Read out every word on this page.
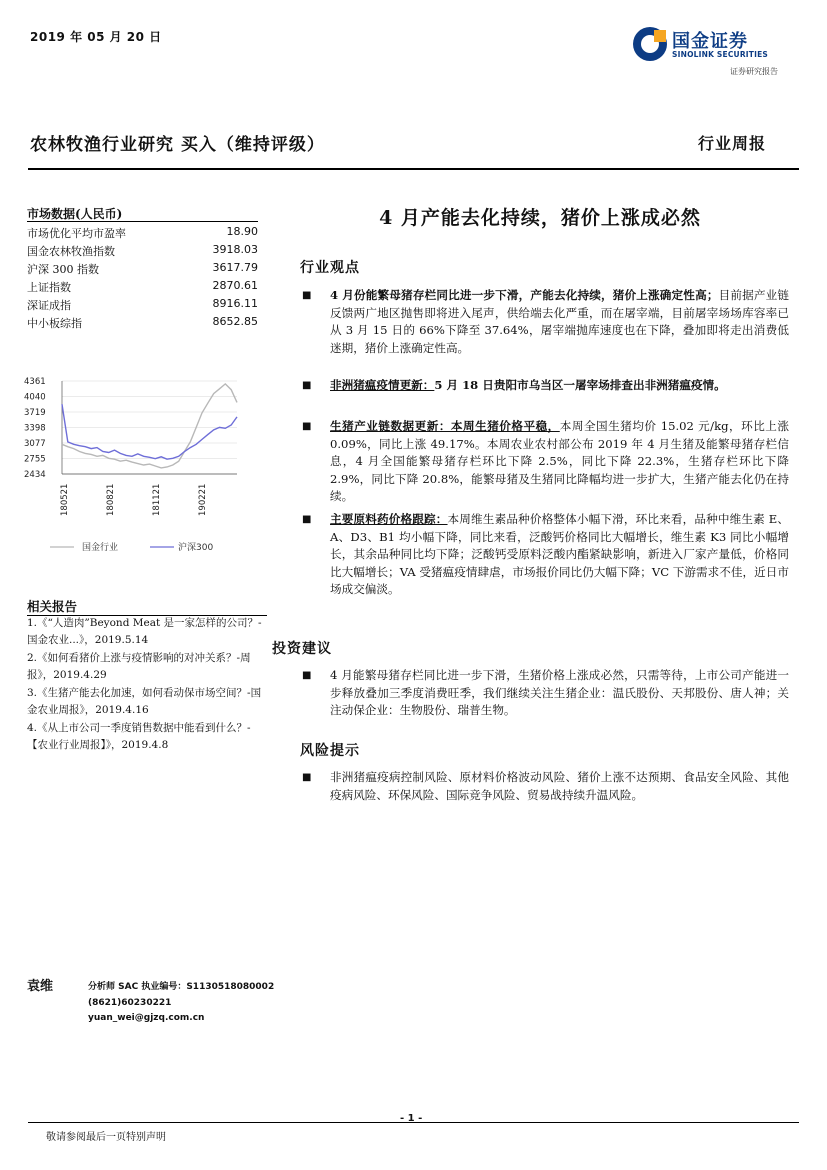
2019 年 05 月 20 日	国金证券
SINOLINK SECURITIES
证券研究报告
农林牧渔行业研究 买入（维持评级）	行业周报
4 月产能去化持续，猪价上涨成必然
市场数据(人民币)
市场优化平均市盈率	18.90
国金农林牧渔指数	3918.03
沪深 300 指数	3617.79
上证指数	2870.61
深证成指	8916.11
中小板综指	8652.85
4361
4040
3719
3398
3077
2755
2434
180521	180821	181121	190221
国金行业	沪深300
行业观点
■ 4 月份能繁母猪存栏同比进一步下滑，产能去化持续，猪价上涨确定性高；目前据产业链反馈两广地区抛售即将进入尾声，供给端去化严重，而在屠宰端，目前屠宰场场库容率已从 3 月 15 日的 66%下降至 37.64%，屠宰端抛库速度也在下降，叠加即将走出消费低迷期，猪价上涨确定性高。
■ 非洲猪瘟疫情更新：5 月 18 日贵阳市乌当区一屠宰场排查出非洲猪瘟疫情。
■ 生猪产业链数据更新：本周生猪价格平稳，本周全国生猪均价 15.02 元/kg，环比上涨 0.09%，同比上涨 49.17%。本周农业农村部公布 2019 年 4 月生猪及能繁母猪存栏信息，4 月全国能繁母猪存栏环比下降 2.5%，同比下降 22.3%，生猪存栏环比下降 2.9%，同比下降 20.8%，能繁母猪及生猪同比降幅均进一步扩大，生猪产能去化仍在持续。
■ 主要原料药价格跟踪：本周维生素品种价格整体小幅下滑，环比来看，品种中维生素 E、A、D3、B1 均小幅下降，同比来看，泛酸钙价格同比大幅增长，维生素 K3 同比小幅增长，其余品种同比均下降；泛酸钙受原料泛酸内酯紧缺影响，新进入厂家产量低，价格同比大幅增长；VA 受猪瘟疫情肆虐，市场报价同比仍大幅下降；VC 下游需求不佳，近日市场成交偏淡。
投资建议
■ 4 月能繁母猪存栏同比进一步下滑，生猪价格上涨成必然，只需等待，上市公司产能进一步释放叠加三季度消费旺季，我们继续关注生猪企业：温氏股份、天邦股份、唐人神；关注动保企业：生物股份、瑞普生物。
风险提示
■ 非洲猪瘟疫病控制风险、原材料价格波动风险、猪价上涨不达预期、食品安全风险、其他疫病风险、环保风险、国际竞争风险、贸易战持续升温风险。
相关报告
1.《“人造肉”Beyond Meat 是一家怎样的公司？-国金农业...》，2019.5.14
2.《如何看猪价上涨与疫情影响的对冲关系？-周报》，2019.4.29
3.《生猪产能去化加速，如何看动保市场空间？-国金农业周报》，2019.4.16
4.《从上市公司一季度销售数据中能看到什么？-【农业行业周报】》，2019.4.8
袁维	分析师 SAC 执业编号：S1130518080002
(8621)60230221
yuan_wei@gjzq.com.cn
- 1 -
敬请参阅最后一页特别声明
